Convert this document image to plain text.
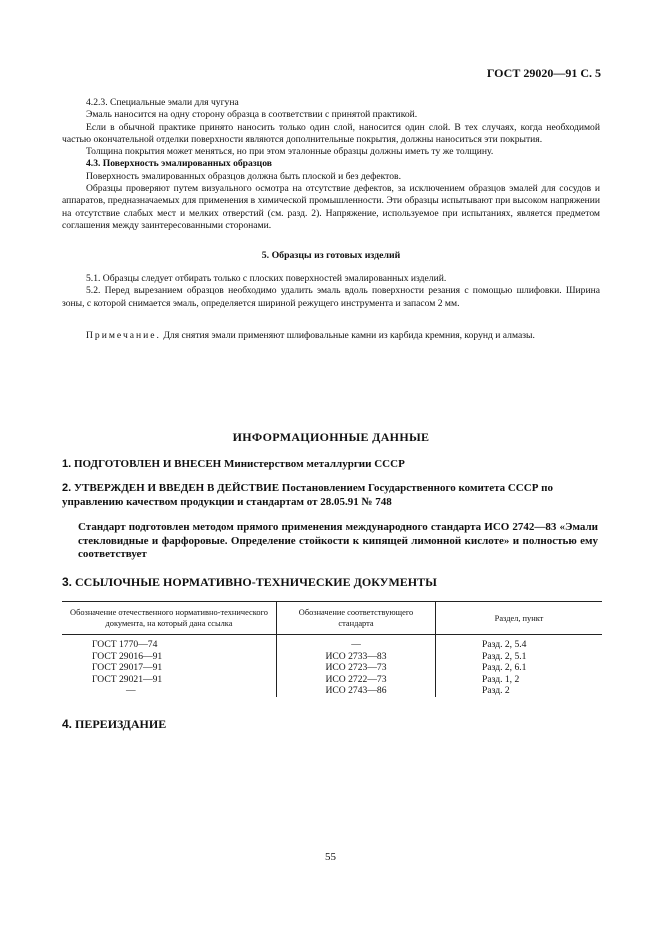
ГОСТ 29020—91 С. 5

4.2.3. Специальные эмали для чугуна

Эмаль наносится на одну сторону образца в соответствии с принятой практикой.

Если в обычной практике принято наносить только один слой, наносится один слой. В тех случаях, когда необходимой частью окончательной отделки поверхности являются дополнительные покрытия, должны наноситься эти покрытия.

Толщина покрытия может меняться, но при этом эталонные образцы должны иметь ту же толщину.

4.3. Поверхность эмалированных образцов

Поверхность эмалированных образцов должна быть плоской и без дефектов.

Образцы проверяют путем визуального осмотра на отсутствие дефектов, за исключением образцов эмалей для сосудов и аппаратов, предназначаемых для применения в химической промышленности. Эти образцы испытывают при высоком напряжении на отсутствие слабых мест и мелких отверстий (см. разд. 2). Напряжение, используемое при испытаниях, является предметом соглашения между заинтересованными сторонами.

5. Образцы из готовых изделий

5.1. Образцы следует отбирать только с плоских поверхностей эмалированных изделий.

5.2. Перед вырезанием образцов необходимо удалить эмаль вдоль поверхности резания с помощью шлифовки. Ширина зоны, с которой снимается эмаль, определяется шириной режущего инструмента и запасом 2 мм.

Примечание. Для снятия эмали применяют шлифовальные камни из карбида кремния, корунд и алмазы.
ИНФОРМАЦИОННЫЕ ДАННЫЕ
1. ПОДГОТОВЛЕН И ВНЕСЕН Министерством металлургии СССР
2. УТВЕРЖДЕН И ВВЕДЕН В ДЕЙСТВИЕ Постановлением Государственного комитета СССР по управлению качеством продукции и стандартам от 28.05.91 № 748
Стандарт подготовлен методом прямого применения международного стандарта ИСО 2742—83 «Эмали стекловидные и фарфоровые. Определение стойкости к кипящей лимонной кислоте» и полностью ему соответствует
3. ССЫЛОЧНЫЕ НОРМАТИВНО-ТЕХНИЧЕСКИЕ ДОКУМЕНТЫ
Обозначение отечественного нормативно-технического документа, на который дана ссылка	Обозначение соответствующего стандарта	Раздел, пункт
ГОСТ 1770—74	—	Разд. 2, 5.4
ГОСТ 29016—91	ИСО 2733—83	Разд. 2, 5.1
ГОСТ 29017—91	ИСО 2723—73	Разд. 2, 6.1
ГОСТ 29021—91	ИСО 2722—73	Разд. 1, 2
—	ИСО 2743—86	Разд. 2
4. ПЕРЕИЗДАНИЕ
55
